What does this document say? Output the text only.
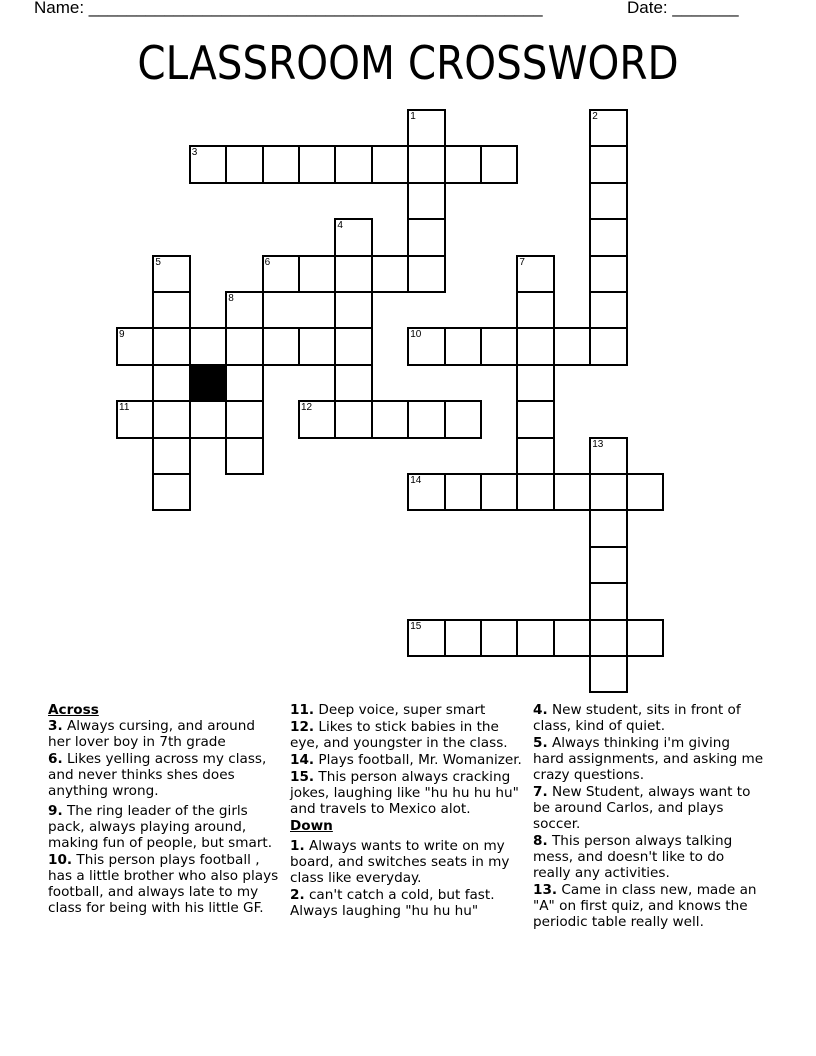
Name: ________________________________________________	Date: _______
CLASSROOM CROSSWORD
1	2
3
4
5	6	7
8
9	10
11	12
13
14
15
Across
3. Always cursing, and around her lover boy in 7th grade
6. Likes yelling across my class, and never thinks shes does anything wrong.
9. The ring leader of the girls pack, always playing around, making fun of people, but smart.
10. This person plays football , has a little brother who also plays football, and always late to my class for being with his little GF.
11. Deep voice, super smart
12. Likes to stick babies in the eye, and youngster in the class.
14. Plays football, Mr. Womanizer.
15. This person always cracking jokes, laughing like "hu hu hu hu" and travels to Mexico alot.
Down
1. Always wants to write on my board, and switches seats in my class like everyday.
2. can't catch a cold, but fast. Always laughing "hu hu hu"
4. New student, sits in front of class, kind of quiet.
5. Always thinking i'm giving hard assignments, and asking me crazy questions.
7. New Student, always want to be around Carlos, and plays soccer.
8. This person always talking mess, and doesn't like to do really any activities.
13. Came in class new, made an "A" on first quiz, and knows the periodic table really well.
